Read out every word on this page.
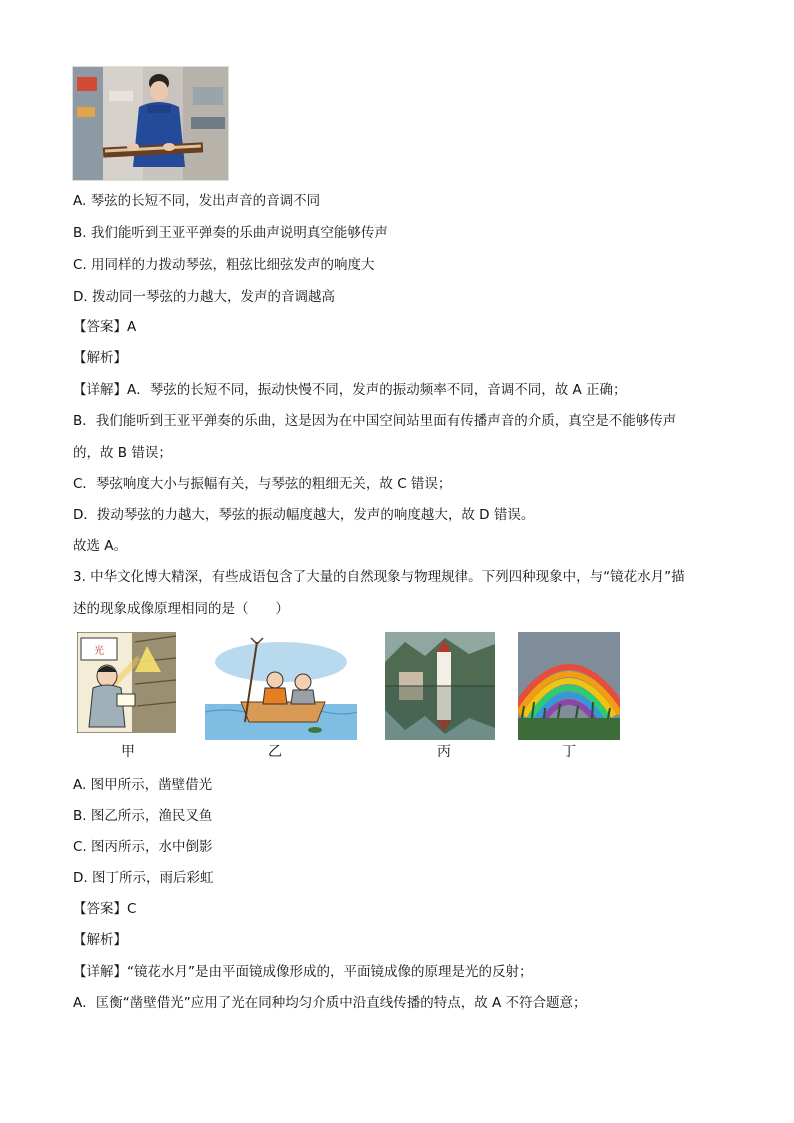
A. 琴弦的长短不同，发出声音的音调不同

B. 我们能听到王亚平弹奏的乐曲声说明真空能够传声

C. 用同样的力拨动琴弦，粗弦比细弦发声的响度大

D. 拨动同一琴弦的力越大，发声的音调越高

【答案】A

【解析】

【详解】A．琴弦的长短不同，振动快慢不同，发声的振动频率不同，音调不同，故 A 正确；

B．我们能听到王亚平弹奏的乐曲，这是因为在中国空间站里面有传播声音的介质，真空是不能够传声

的，故 B 错误；

C．琴弦响度大小与振幅有关，与琴弦的粗细无关，故 C 错误；

D．拨动琴弦的力越大，琴弦的振动幅度越大，发声的响度越大，故 D 错误。

故选 A。

3. 中华文化博大精深，有些成语包含了大量的自然现象与物理规律。下列四种现象中，与“镜花水月”描

述的现象成像原理相同的是（　　）

光

甲	乙	丙	丁

A. 图甲所示，凿壁借光

B. 图乙所示，渔民叉鱼

C. 图丙所示，水中倒影

D. 图丁所示，雨后彩虹

【答案】C

【解析】

【详解】“镜花水月”是由平面镜成像形成的，平面镜成像的原理是光的反射；

A．匡衡“凿壁借光”应用了光在同种均匀介质中沿直线传播的特点，故 A 不符合题意；
